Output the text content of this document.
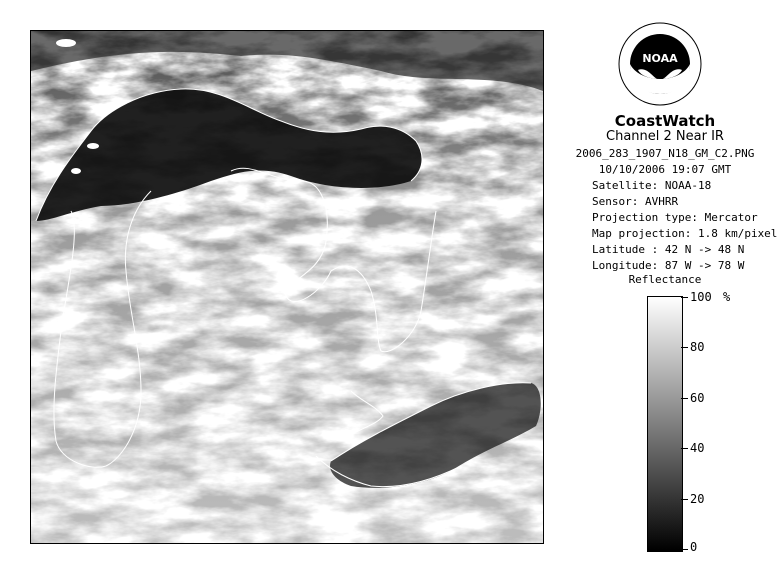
NOAA
CoastWatch
Channel 2 Near IR
2006_283_1907_N18_GM_C2.PNG
10/10/2006 19:07 GMT
Satellite: NOAA-18
Sensor: AVHRR
Projection type: Mercator
Map projection: 1.8 km/pixel
Latitude : 42 N -> 48 N
Longitude: 87 W -> 78 W
Reflectance
%
100
80
60
40
20
0
